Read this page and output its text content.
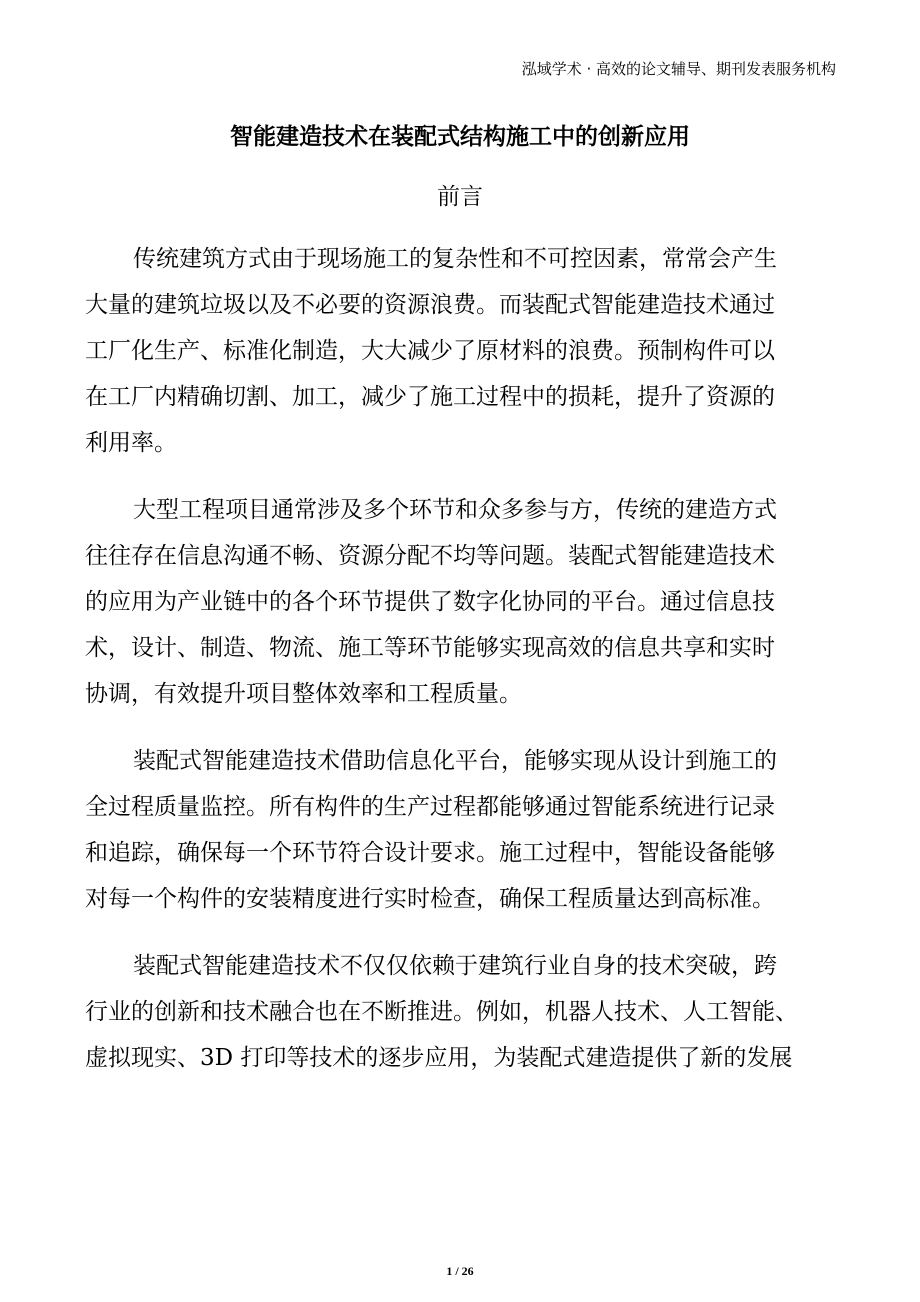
泓域学术 · 高效的论文辅导、期刊发表服务机构
智能建造技术在装配式结构施工中的创新应用
前言
传统建筑方式由于现场施工的复杂性和不可控因素，常常会产生
大量的建筑垃圾以及不必要的资源浪费。而装配式智能建造技术通过
工厂化生产、标准化制造，大大减少了原材料的浪费。预制构件可以
在工厂内精确切割、加工，减少了施工过程中的损耗，提升了资源的
利用率。
大型工程项目通常涉及多个环节和众多参与方，传统的建造方式
往往存在信息沟通不畅、资源分配不均等问题。装配式智能建造技术
的应用为产业链中的各个环节提供了数字化协同的平台。通过信息技
术，设计、制造、物流、施工等环节能够实现高效的信息共享和实时
协调，有效提升项目整体效率和工程质量。
装配式智能建造技术借助信息化平台，能够实现从设计到施工的
全过程质量监控。所有构件的生产过程都能够通过智能系统进行记录
和追踪，确保每一个环节符合设计要求。施工过程中，智能设备能够
对每一个构件的安装精度进行实时检查，确保工程质量达到高标准。
装配式智能建造技术不仅仅依赖于建筑行业自身的技术突破，跨
行业的创新和技术融合也在不断推进。例如，机器人技术、人工智能、
虚拟现实、3D 打印等技术的逐步应用，为装配式建造提供了新的发展
1 / 26
